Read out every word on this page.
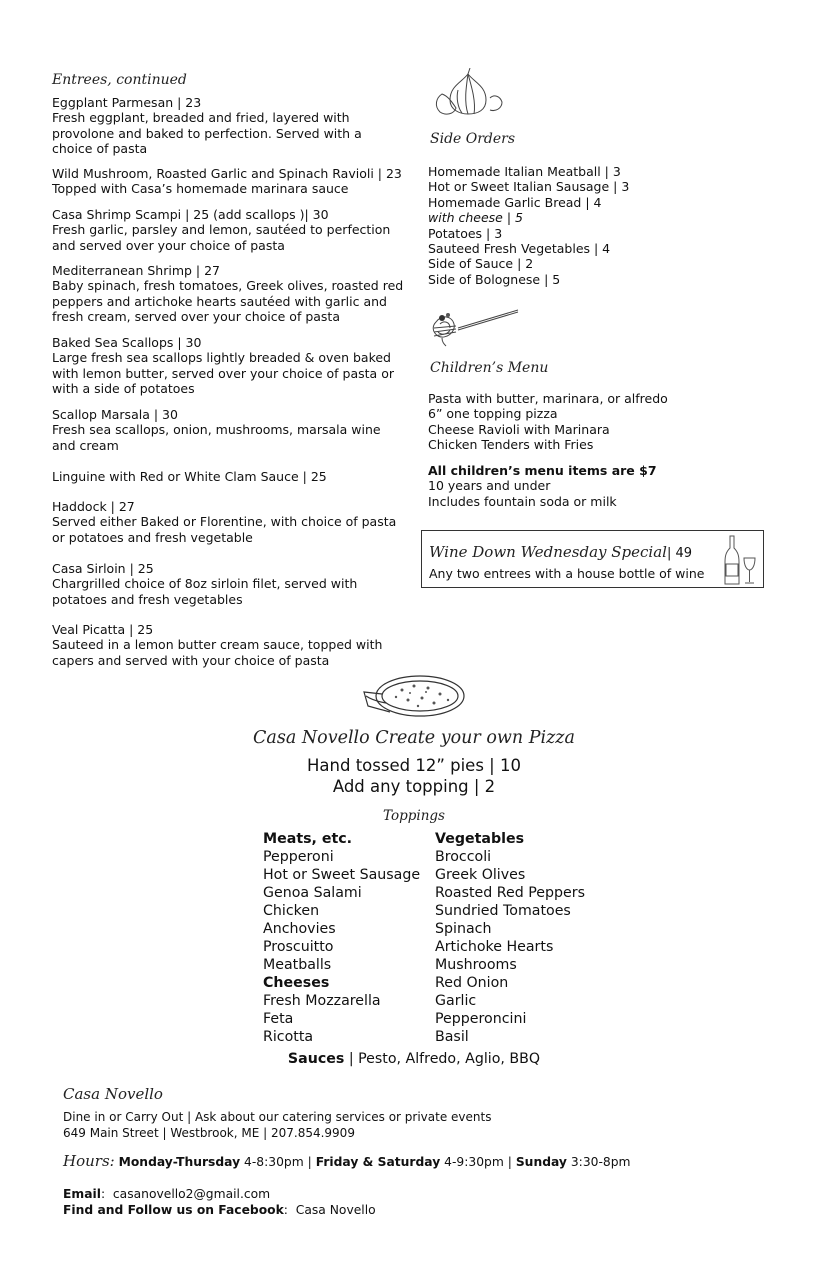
Entrees, continued
Eggplant Parmesan | 23
Fresh eggplant, breaded and fried, layered with provolone and baked to perfection. Served with a choice of pasta
Wild Mushroom, Roasted Garlic and Spinach Ravioli | 23
Topped with Casa’s homemade marinara sauce
Casa Shrimp Scampi | 25 (add scallops )| 30
Fresh garlic, parsley and lemon, sautéed to perfection and served over your choice of pasta
Mediterranean Shrimp | 27
Baby spinach, fresh tomatoes, Greek olives, roasted red peppers and artichoke hearts sautéed with garlic and fresh cream, served over your choice of pasta
Baked Sea Scallops | 30
Large fresh sea scallops lightly breaded & oven baked with lemon butter, served over your choice of pasta or with a side of potatoes
Scallop Marsala | 30
Fresh sea scallops, onion, mushrooms, marsala wine and cream
Linguine with Red or White Clam Sauce | 25
Haddock | 27
Served either Baked or Florentine, with choice of pasta or potatoes and fresh vegetable
Casa Sirloin | 25
Chargrilled choice of 8oz sirloin filet, served with potatoes and fresh vegetables
Veal Picatta | 25
Sauteed in a lemon butter cream sauce, topped with capers and served with your choice of pasta
Side Orders
Homemade Italian Meatball | 3
Hot or Sweet Italian Sausage | 3
Homemade Garlic Bread | 4
with cheese | 5
Potatoes | 3
Sauteed Fresh Vegetables | 4
Side of Sauce | 2
Side of Bolognese | 5
Children’s Menu
Pasta with butter, marinara, or alfredo
6” one topping pizza
Cheese Ravioli with Marinara
Chicken Tenders with Fries
All children’s menu items are $7
10 years and under
Includes fountain soda or milk
Wine Down Wednesday Special| 49
Any two entrees with a house bottle of wine
Casa Novello Create your own Pizza
Hand tossed 12” pies | 10
Add any topping | 2
Toppings
Meats, etc.
Pepperoni
Hot or Sweet Sausage
Genoa Salami
Chicken
Anchovies
Proscuitto
Meatballs
Cheeses
Fresh Mozzarella
Feta
Ricotta
Vegetables
Broccoli
Greek Olives
Roasted Red Peppers
Sundried Tomatoes
Spinach
Artichoke Hearts
Mushrooms
Red Onion
Garlic
Pepperoncini
Basil
Sauces | Pesto, Alfredo, Aglio, BBQ
Casa Novello
Dine in or Carry Out | Ask about our catering services or private events
649 Main Street | Westbrook, ME | 207.854.9909
Hours: Monday-Thursday 4-8:30pm | Friday & Saturday 4-9:30pm | Sunday 3:30-8pm
Email:  casanovello2@gmail.com
Find and Follow us on Facebook:  Casa Novello
